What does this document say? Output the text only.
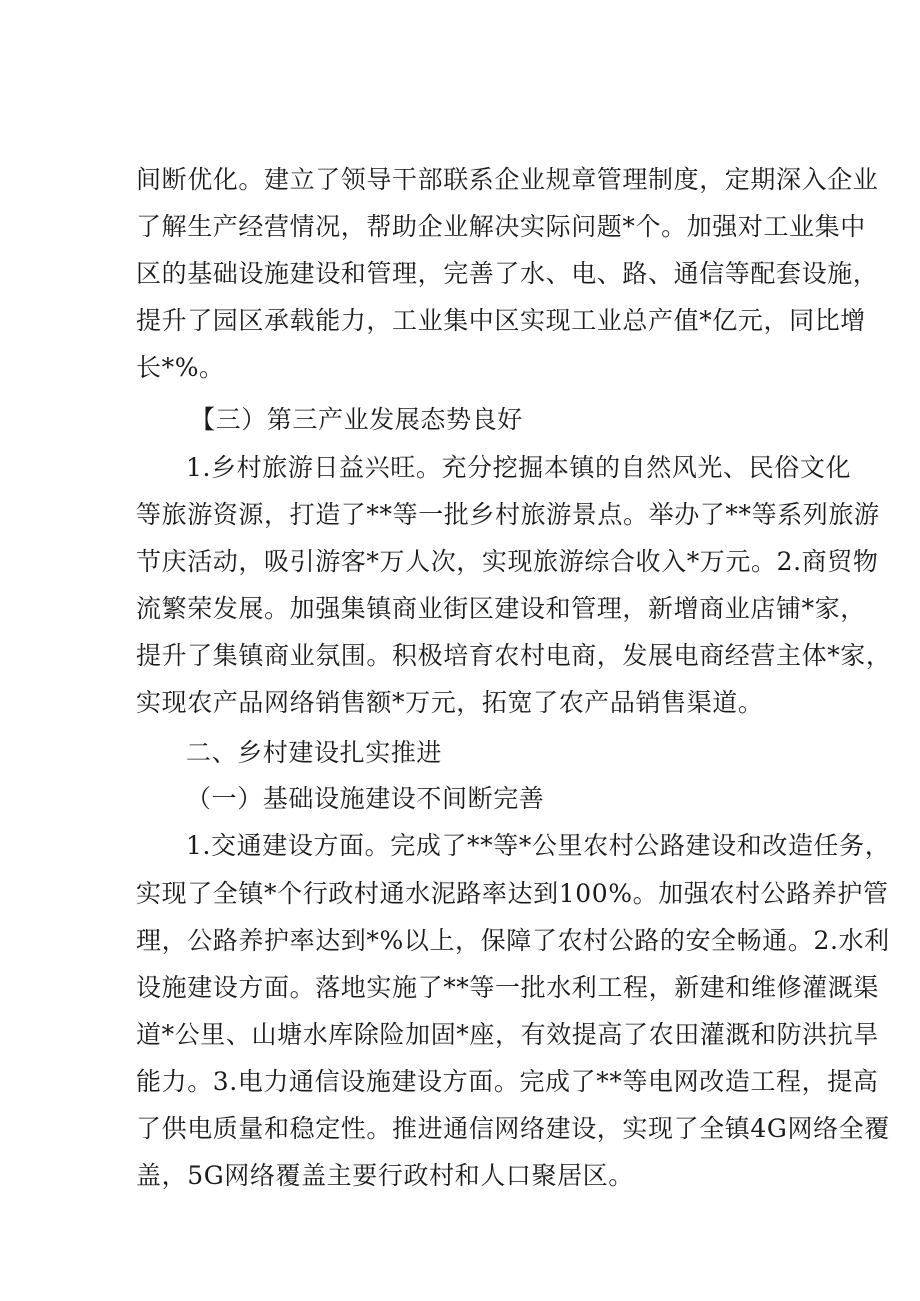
间断优化。建立了领导干部联系企业规章管理制度，定期深入企业
了解生产经营情况，帮助企业解决实际问题*个。加强对工业集中
区的基础设施建设和管理，完善了水、电、路、通信等配套设施，
提升了园区承载能力，工业集中区实现工业总产值*亿元，同比增
长*%。
【三）第三产业发展态势良好
1.乡村旅游日益兴旺。充分挖掘本镇的自然风光、民俗文化
等旅游资源，打造了**等一批乡村旅游景点。举办了**等系列旅游
节庆活动，吸引游客*万人次，实现旅游综合收入*万元。2.商贸物
流繁荣发展。加强集镇商业街区建设和管理，新增商业店铺*家，
提升了集镇商业氛围。积极培育农村电商，发展电商经营主体*家，
实现农产品网络销售额*万元，拓宽了农产品销售渠道。
二、乡村建设扎实推进
（一）基础设施建设不间断完善
1.交通建设方面。完成了**等*公里农村公路建设和改造任务，
实现了全镇*个行政村通水泥路率达到100%。加强农村公路养护管
理，公路养护率达到*%以上，保障了农村公路的安全畅通。2.水利
设施建设方面。落地实施了**等一批水利工程，新建和维修灌溉渠
道*公里、山塘水库除险加固*座，有效提高了农田灌溉和防洪抗旱
能力。3.电力通信设施建设方面。完成了**等电网改造工程，提高
了供电质量和稳定性。推进通信网络建设，实现了全镇4G网络全覆
盖，5G网络覆盖主要行政村和人口聚居区。
